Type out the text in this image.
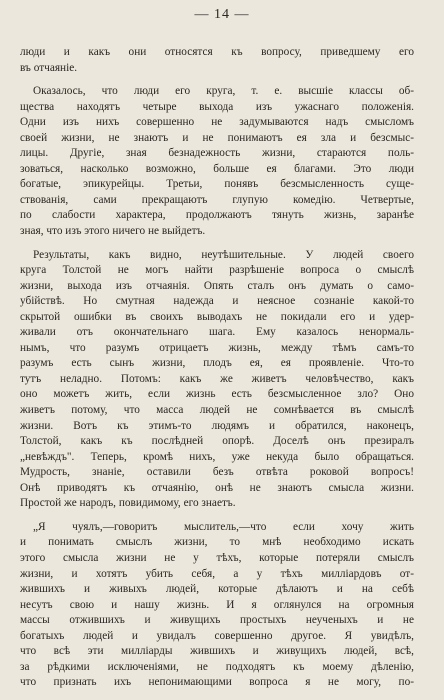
— 14 —
люди и какъ они относятся къ вопросу, приведшему его
въ отчаяніе.
Оказалось, что люди его круга, т. е. высшіе классы об-
щества находятъ четыре выхода изъ ужаснаго положенія.
Одни изъ нихъ совершенно не задумываются надъ смысломъ
своей жизни, не знаютъ и не понимаютъ ея зла и безсмыс-
лицы. Другіе, зная безнадежность жизни, стараются поль-
зоваться, насколько возможно, больше ея благами. Это люди
богатые, эпикурейцы. Третьи, понявъ безсмысленность суще-
ствованія, сами прекращаютъ глупую комедію. Четвертые,
по слабости характера, продолжаютъ тянуть жизнь, заранѣе
зная, что изъ этого ничего не выйдетъ.
Результаты, какъ видно, неутѣшительные. У людей своего
круга Толстой не могъ найти разрѣшеніе вопроса о смыслѣ
жизни, выхода изъ отчаянія. Опять сталъ онъ думать о само-
убійствѣ. Но смутная надежда и неясное сознаніе какой-то
скрытой ошибки въ своихъ выводахъ не покидали его и удер-
живали отъ окончательнаго шага. Ему казалось ненормаль-
нымъ, что разумъ отрицаетъ жизнь, между тѣмъ самъ-то
разумъ есть сынъ жизни, плодъ ея, ея проявленіе. Что-то
тутъ неладно. Потомъ: какъ же живетъ человѣчество, какъ
оно можетъ жить, если жизнь есть безсмысленное зло? Оно
живетъ потому, что масса людей не сомнѣвается въ смыслѣ
жизни. Вотъ къ этимъ-то людямъ и обратился, наконецъ,
Толстой, какъ къ послѣдней опорѣ. Доселѣ онъ презиралъ
„невѣждъ". Теперь, кромѣ нихъ, уже некуда было обращаться.
Мудрость, знаніе, оставили безъ отвѣта роковой вопросъ!
Онѣ приводятъ къ отчаянію, онѣ не знаютъ смысла жизни.
Простой же народъ, повидимому, его знаетъ.
„Я чуялъ,—говоритъ мыслитель,—что если хочу жить
и понимать смыслъ жизни, то мнѣ необходимо искать
этого смысла жизни не у тѣхъ, которые потеряли смыслъ
жизни, и хотятъ убить себя, а у тѣхъ милліардовъ от-
жившихъ и живыхъ людей, которые дѣлаютъ и на себѣ
несутъ свою и нашу жизнь. И я оглянулся на огромныя
массы отжившихъ и живущихъ простыхъ неученыхъ и не
богатыхъ людей и увидалъ совершенно другое. Я увидѣлъ,
что всѣ эти милліарды жившихъ и живущихъ людей, всѣ,
за рѣдкими исключеніями, не подходятъ къ моему дѣленію,
что признать ихъ непонимающими вопроса я не могу, по-
